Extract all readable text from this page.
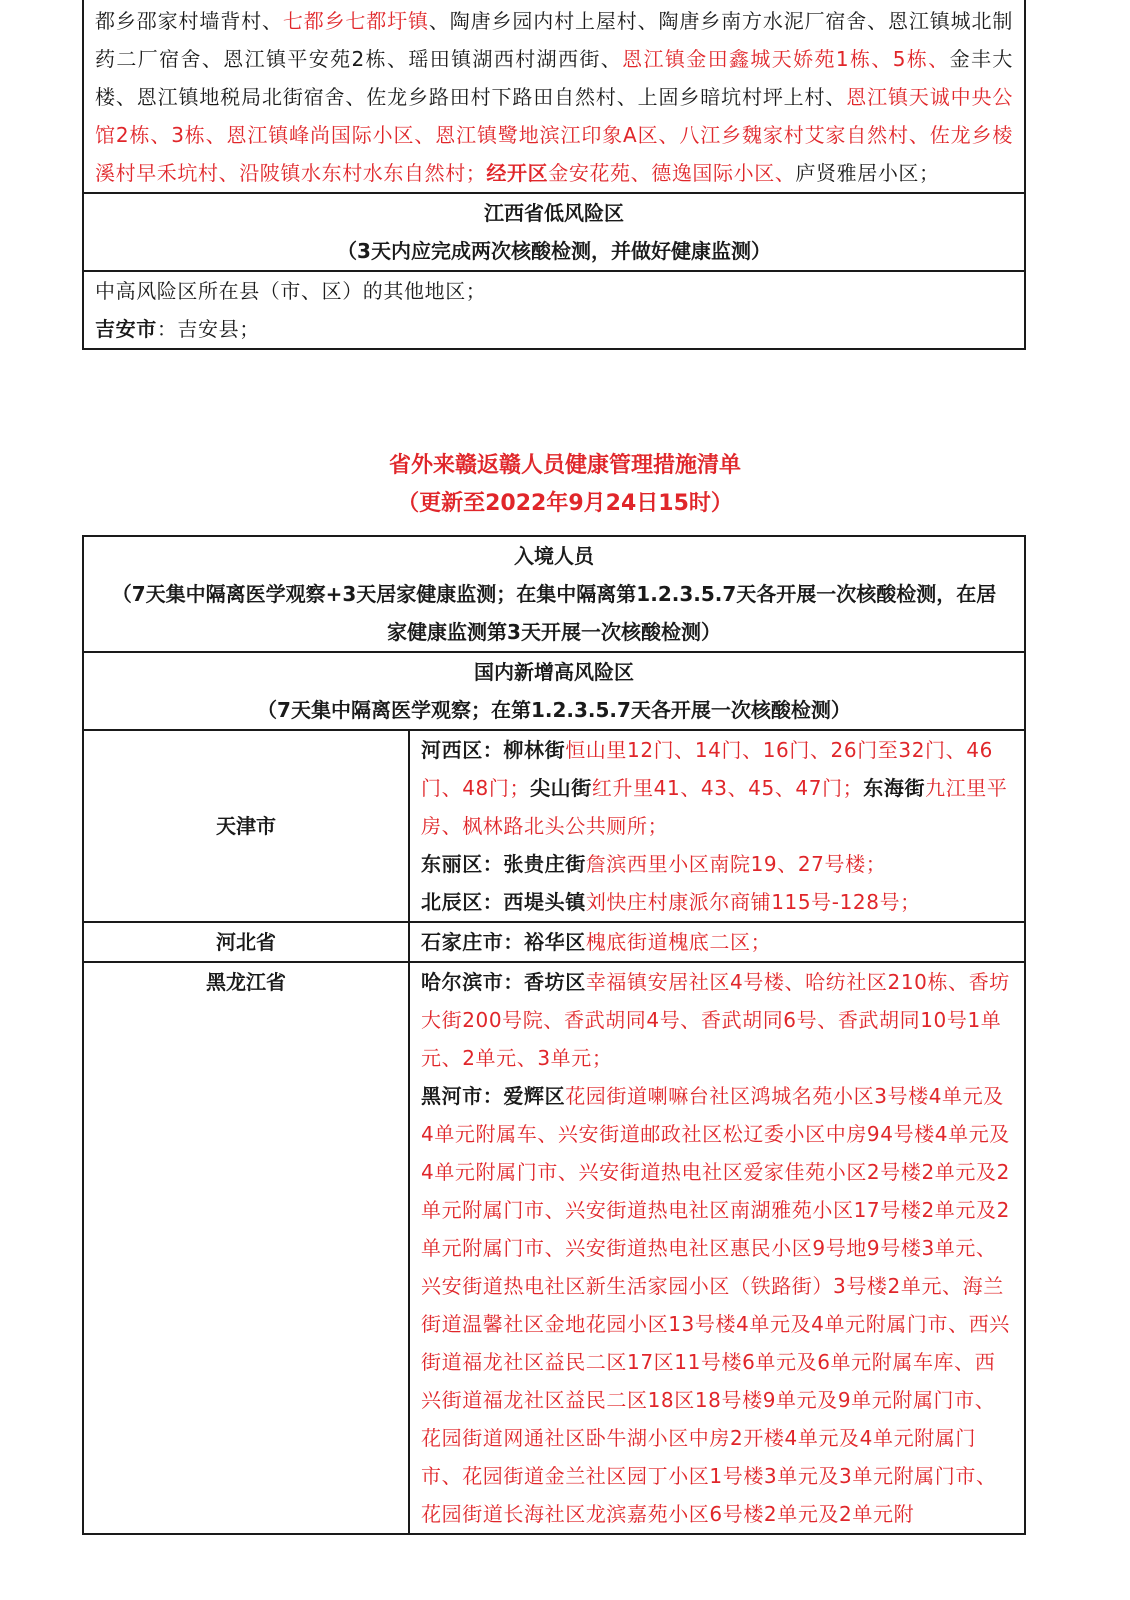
都乡邵家村墙背村、七都乡七都圩镇、陶唐乡园内村上屋村、陶唐乡南方水泥厂宿舍、恩江镇城北制药二厂宿舍、恩江镇平安苑2栋、瑶田镇湖西村湖西街、恩江镇金田鑫城天娇苑1栋、5栋、金丰大楼、恩江镇地税局北街宿舍、佐龙乡路田村下路田自然村、上固乡暗坑村坪上村、恩江镇天诚中央公馆2栋、3栋、恩江镇峰尚国际小区、恩江镇鹭地滨江印象A区、八江乡魏家村艾家自然村、佐龙乡棱溪村早禾坑村、沿陂镇水东村水东自然村；经开区金安花苑、德逸国际小区、庐贤雅居小区；
江西省低风险区
（3天内应完成两次核酸检测，并做好健康监测）
中高风险区所在县（市、区）的其他地区；
吉安市：吉安县；
省外来赣返赣人员健康管理措施清单
（更新至2022年9月24日15时）
入境人员
（7天集中隔离医学观察+3天居家健康监测；在集中隔离第1.2.3.5.7天各开展一次核酸检测，在居家健康监测第3天开展一次核酸检测）
国内新增高风险区
（7天集中隔离医学观察；在第1.2.3.5.7天各开展一次核酸检测）
天津市
河西区：柳林街恒山里12门、14门、16门、26门至32门、46门、48门；尖山街红升里41、43、45、47门；东海街九江里平房、枫林路北头公共厕所；
东丽区：张贵庄街詹滨西里小区南院19、27号楼；
北辰区：西堤头镇刘快庄村康派尔商铺115号-128号；
河北省	石家庄市：裕华区槐底街道槐底二区；
黑龙江省	哈尔滨市：香坊区幸福镇安居社区4号楼、哈纺社区210栋、香坊大街200号院、香武胡同4号、香武胡同6号、香武胡同10号1单元、2单元、3单元；
黑河市：爱辉区花园街道喇嘛台社区鸿城名苑小区3号楼4单元及4单元附属车、兴安街道邮政社区松辽委小区中房94号楼4单元及4单元附属门市、兴安街道热电社区爱家佳苑小区2号楼2单元及2单元附属门市、兴安街道热电社区南湖雅苑小区17号楼2单元及2单元附属门市、兴安街道热电社区惠民小区9号地9号楼3单元、兴安街道热电社区新生活家园小区（铁路街）3号楼2单元、海兰街道温馨社区金地花园小区13号楼4单元及4单元附属门市、西兴街道福龙社区益民二区17区11号楼6单元及6单元附属车库、西兴街道福龙社区益民二区18区18号楼9单元及9单元附属门市、花园街道网通社区卧牛湖小区中房2开楼4单元及4单元附属门市、花园街道金兰社区园丁小区1号楼3单元及3单元附属门市、花园街道长海社区龙滨嘉苑小区6号楼2单元及2单元附
